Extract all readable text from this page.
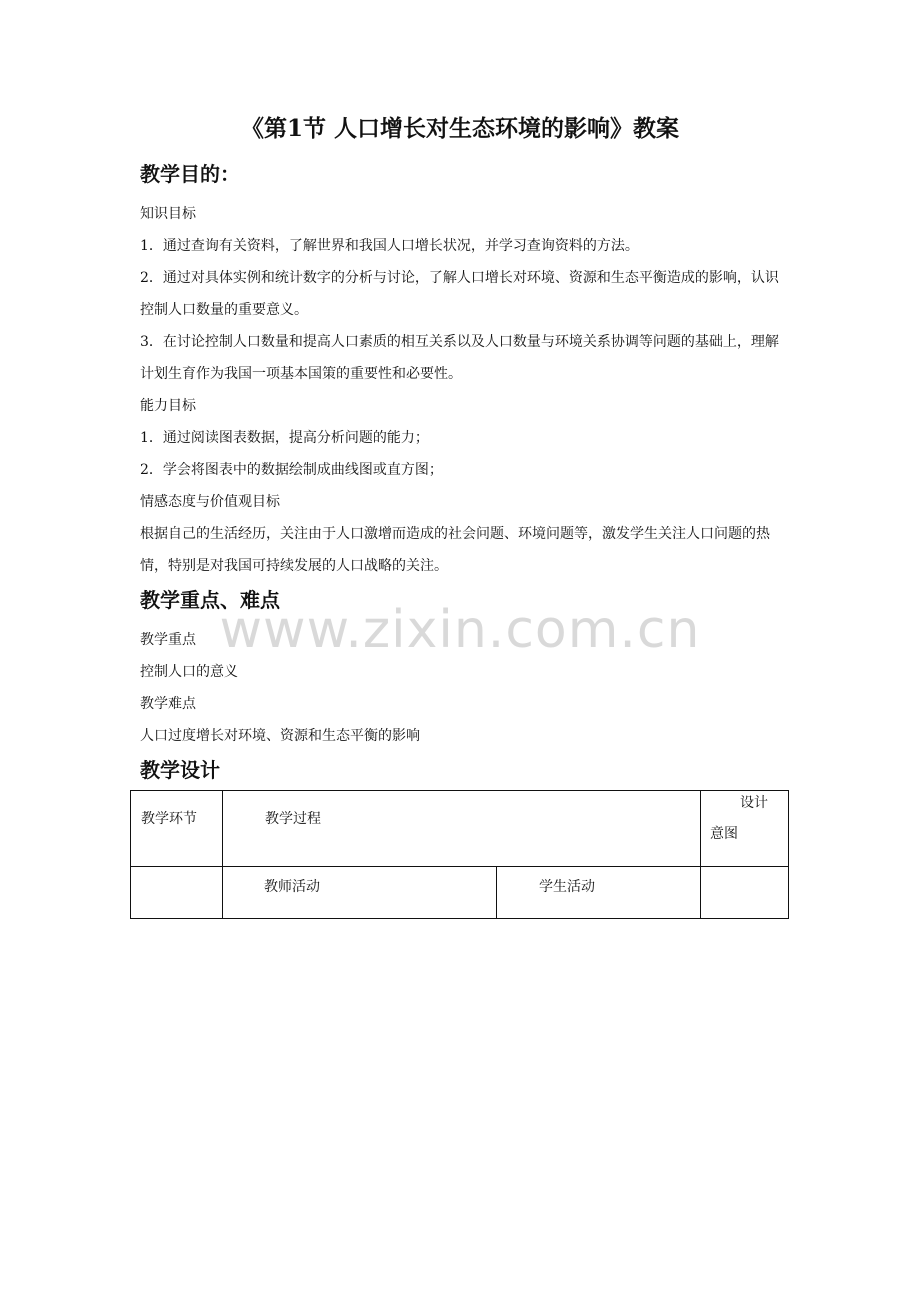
《第1节 人口增长对生态环境的影响》教案
教学目的：

知识目标

1．通过查询有关资料，了解世界和我国人口增长状况，并学习查询资料的方法。

2．通过对具体实例和统计数字的分析与讨论，了解人口增长对环境、资源和生态平衡造成的影响，认识控制人口数量的重要意义。

3．在讨论控制人口数量和提高人口素质的相互关系以及人口数量与环境关系协调等问题的基础上，理解计划生育作为我国一项基本国策的重要性和必要性。

能力目标

1．通过阅读图表数据，提高分析问题的能力；

2．学会将图表中的数据绘制成曲线图或直方图；

情感态度与价值观目标

根据自己的生活经历，关注由于人口激增而造成的社会问题、环境问题等，激发学生关注人口问题的热情，特别是对我国可持续发展的人口战略的关注。

教学重点、难点

教学重点

控制人口的意义

教学难点

人口过度增长对环境、资源和生态平衡的影响

教学设计
www.zixin.com.cn
教学环节	教学过程		设计
意图

	教师活动	学生活动	
